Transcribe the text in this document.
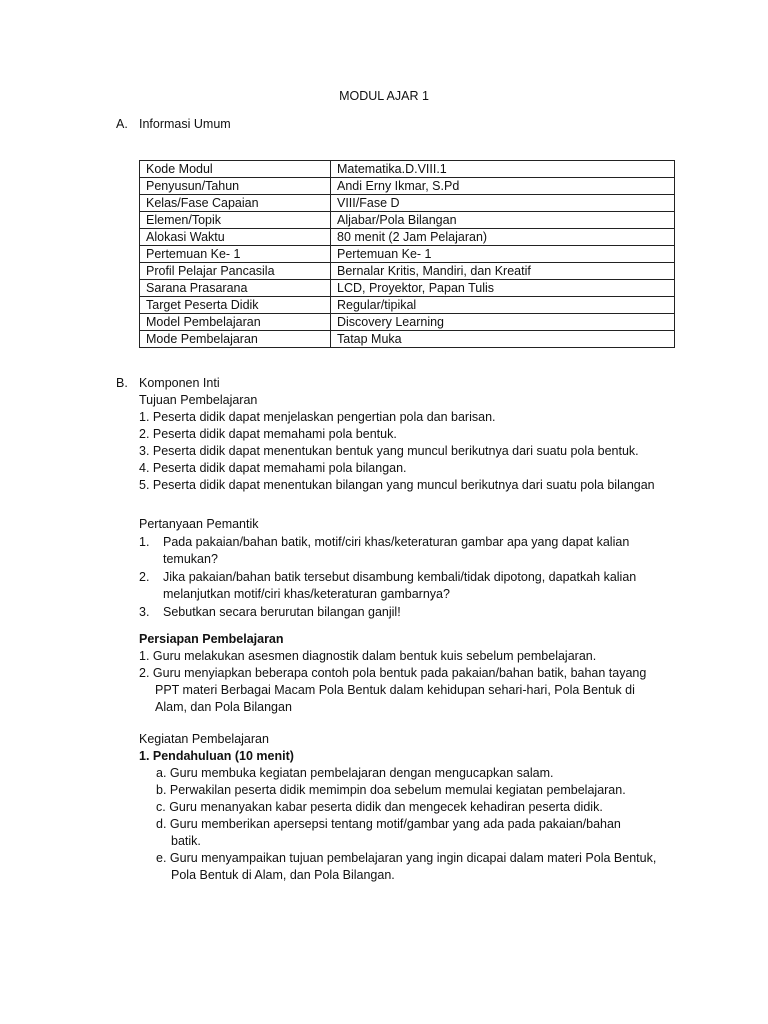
MODUL AJAR 1
A. Informasi Umum
Kode Modul	Matematika.D.VIII.1
Penyusun/Tahun	Andi Erny Ikmar, S.Pd
Kelas/Fase Capaian	VIII/Fase D
Elemen/Topik	Aljabar/Pola Bilangan
Alokasi Waktu	80 menit (2 Jam Pelajaran)
Pertemuan Ke- 1	Pertemuan Ke- 1
Profil Pelajar Pancasila	Bernalar Kritis, Mandiri, dan Kreatif
Sarana Prasarana	LCD, Proyektor, Papan Tulis
Target Peserta Didik	Regular/tipikal
Model Pembelajaran	Discovery Learning
Mode Pembelajaran	Tatap Muka
B. Komponen Inti
Tujuan Pembelajaran
1. Peserta didik dapat menjelaskan pengertian pola dan barisan.
2. Peserta didik dapat memahami pola bentuk.
3. Peserta didik dapat menentukan bentuk yang muncul berikutnya dari suatu pola bentuk.
4. Peserta didik dapat memahami pola bilangan.
5. Peserta didik dapat menentukan bilangan yang muncul berikutnya dari suatu pola bilangan
Pertanyaan Pemantik
1.	Pada pakaian/bahan batik, motif/ciri khas/keteraturan gambar apa yang dapat kalian
temukan?
2.	Jika pakaian/bahan batik tersebut disambung kembali/tidak dipotong, dapatkah kalian
melanjutkan motif/ciri khas/keteraturan gambarnya?
3.	Sebutkan secara berurutan bilangan ganjil!
Persiapan Pembelajaran
1. Guru melakukan asesmen diagnostik dalam bentuk kuis sebelum pembelajaran.
2. Guru menyiapkan beberapa contoh pola bentuk pada pakaian/bahan batik, bahan tayang
PPT materi Berbagai Macam Pola Bentuk dalam kehidupan sehari-hari, Pola Bentuk di
Alam, dan Pola Bilangan
Kegiatan Pembelajaran
1. Pendahuluan (10 menit)
a. Guru membuka kegiatan pembelajaran dengan mengucapkan salam.
b. Perwakilan peserta didik memimpin doa sebelum memulai kegiatan pembelajaran.
c. Guru menanyakan kabar peserta didik dan mengecek kehadiran peserta didik.
d. Guru memberikan apersepsi tentang motif/gambar yang ada pada pakaian/bahan
batik.
e. Guru menyampaikan tujuan pembelajaran yang ingin dicapai dalam materi Pola Bentuk,
Pola Bentuk di Alam, dan Pola Bilangan.
